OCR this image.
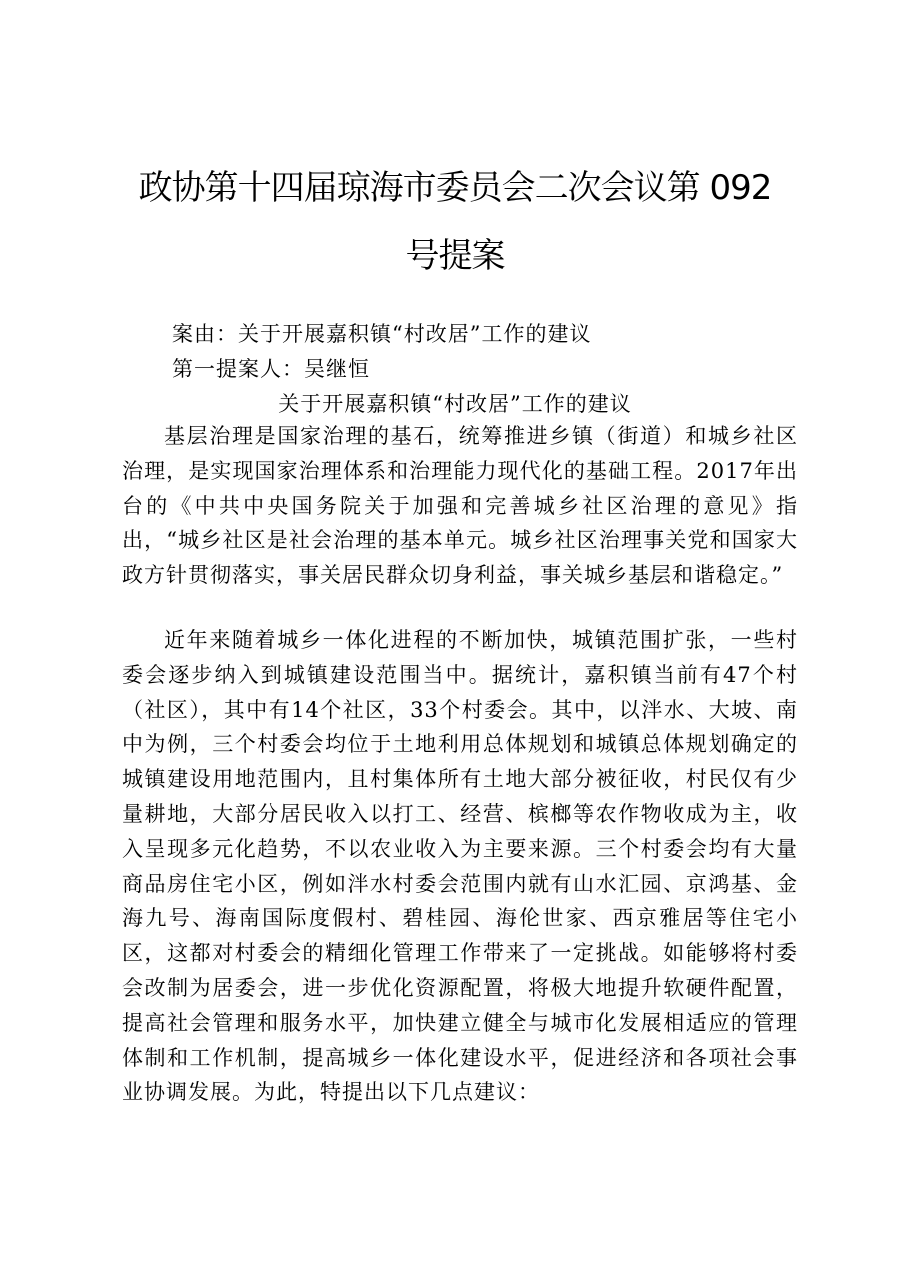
政协第十四届琼海市委员会二次会议第 092
号提案
案由：关于开展嘉积镇“村改居”工作的建议
第一提案人：吴继恒
关于开展嘉积镇“村改居”工作的建议

基层治理是国家治理的基石，统筹推进乡镇（街道）和城乡社区治理，是实现国家治理体系和治理能力现代化的基础工程。2017年出台的《中共中央国务院关于加强和完善城乡社区治理的意见》指出，“城乡社区是社会治理的基本单元。城乡社区治理事关党和国家大政方针贯彻落实，事关居民群众切身利益，事关城乡基层和谐稳定。”

近年来随着城乡一体化进程的不断加快，城镇范围扩张，一些村委会逐步纳入到城镇建设范围当中。据统计，嘉积镇当前有47个村（社区），其中有14个社区，33个村委会。其中，以泮水、大坡、南中为例，三个村委会均位于土地利用总体规划和城镇总体规划确定的城镇建设用地范围内，且村集体所有土地大部分被征收，村民仅有少量耕地，大部分居民收入以打工、经营、槟榔等农作物收成为主，收入呈现多元化趋势，不以农业收入为主要来源。三个村委会均有大量商品房住宅小区，例如泮水村委会范围内就有山水汇园、京鸿基、金海九号、海南国际度假村、碧桂园、海伦世家、西京雅居等住宅小区，这都对村委会的精细化管理工作带来了一定挑战。如能够将村委会改制为居委会，进一步优化资源配置，将极大地提升软硬件配置，提高社会管理和服务水平，加快建立健全与城市化发展相适应的管理体制和工作机制，提高城乡一体化建设水平，促进经济和各项社会事业协调发展。为此，特提出以下几点建议：
